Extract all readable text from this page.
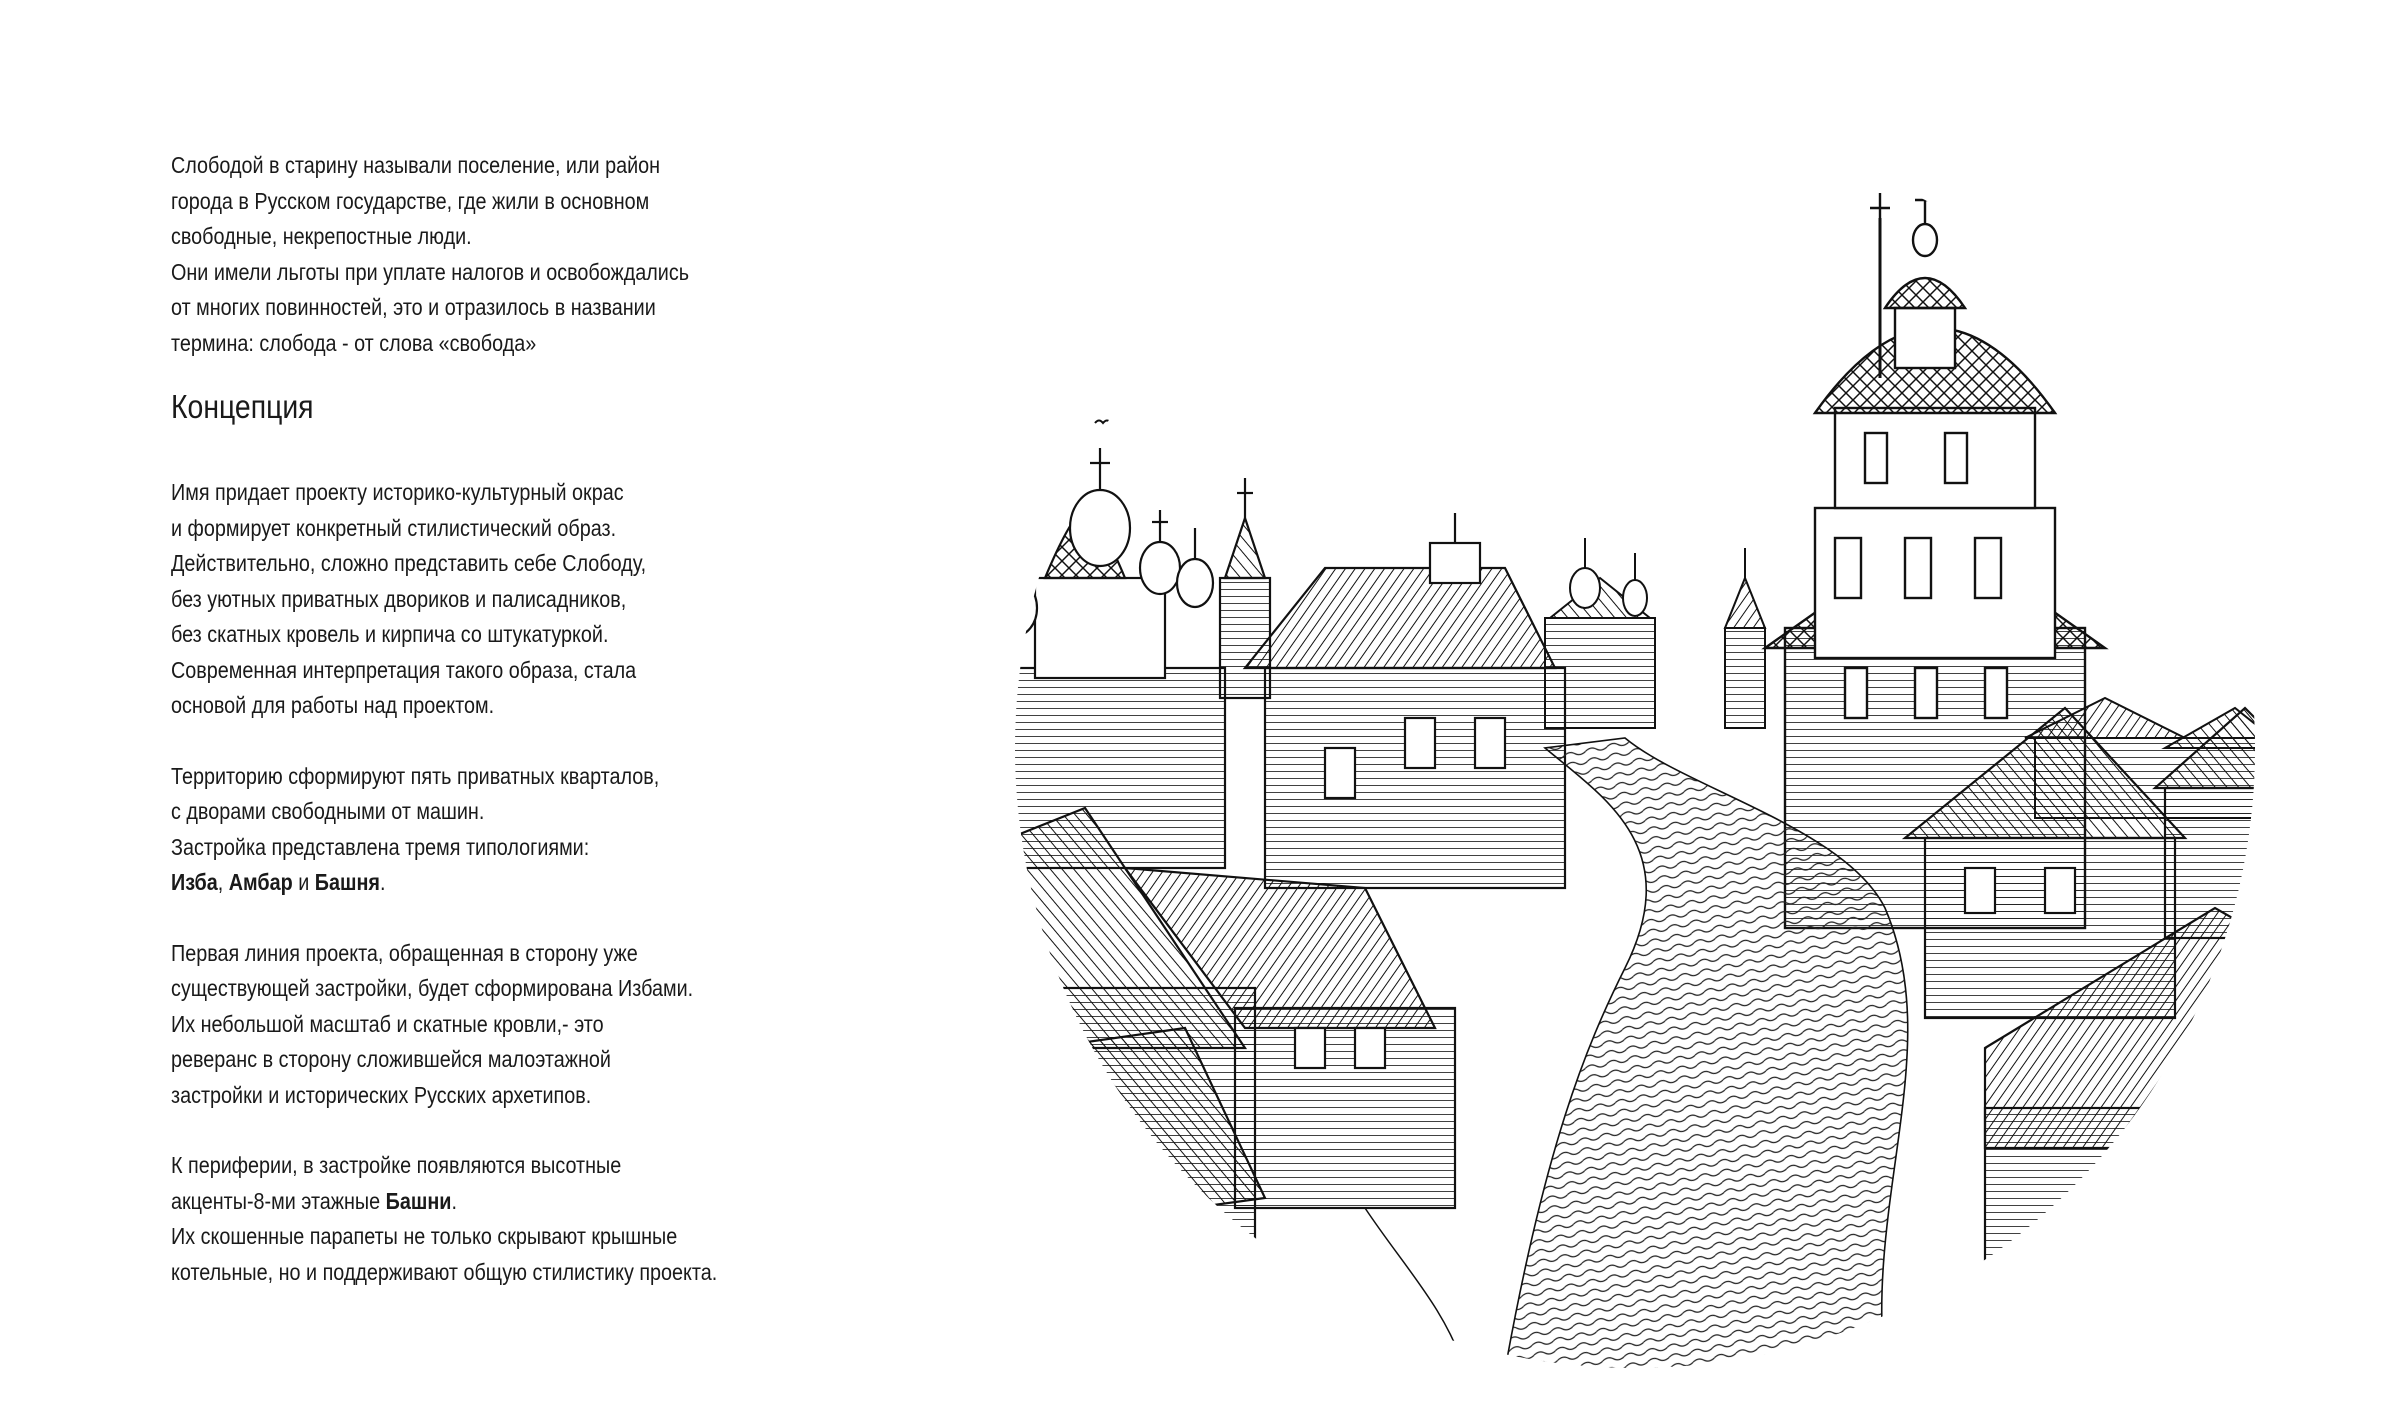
Слободой в старину называли поселение, или район

города в Русском государстве, где жили в основном

свободные, некрепостные люди.

Они имели льготы при уплате налогов и освобождались

от многих повинностей, это и отразилось в названии

термина: слобода - от слова «свобода»

Концепция

Имя придает проекту историко-культурный окрас

и формирует конкретный стилистический образ.

Действительно, сложно представить себе Слободу,

без уютных приватных двориков и палисадников,

без скатных кровель и кирпича со штукатуркой.

Современная интерпретация такого образа, стала

основой для работы над проектом.

Территорию сформируют пять приватных кварталов,

с дворами свободными от машин.

Застройка представлена тремя типологиями:

Изба, Амбар и Башня.

Первая линия проекта, обращенная в сторону уже

существующей застройки, будет сформирована Избами.

Их небольшой масштаб и скатные кровли,- это

реверанс в сторону сложившейся малоэтажной

застройки и исторических Русских архетипов.

К периферии, в застройке появляются высотные

акценты-8-ми этажные Башни.

Их скошенные парапеты не только скрывают крышные

котельные, но и поддерживают общую стилистику проекта.
